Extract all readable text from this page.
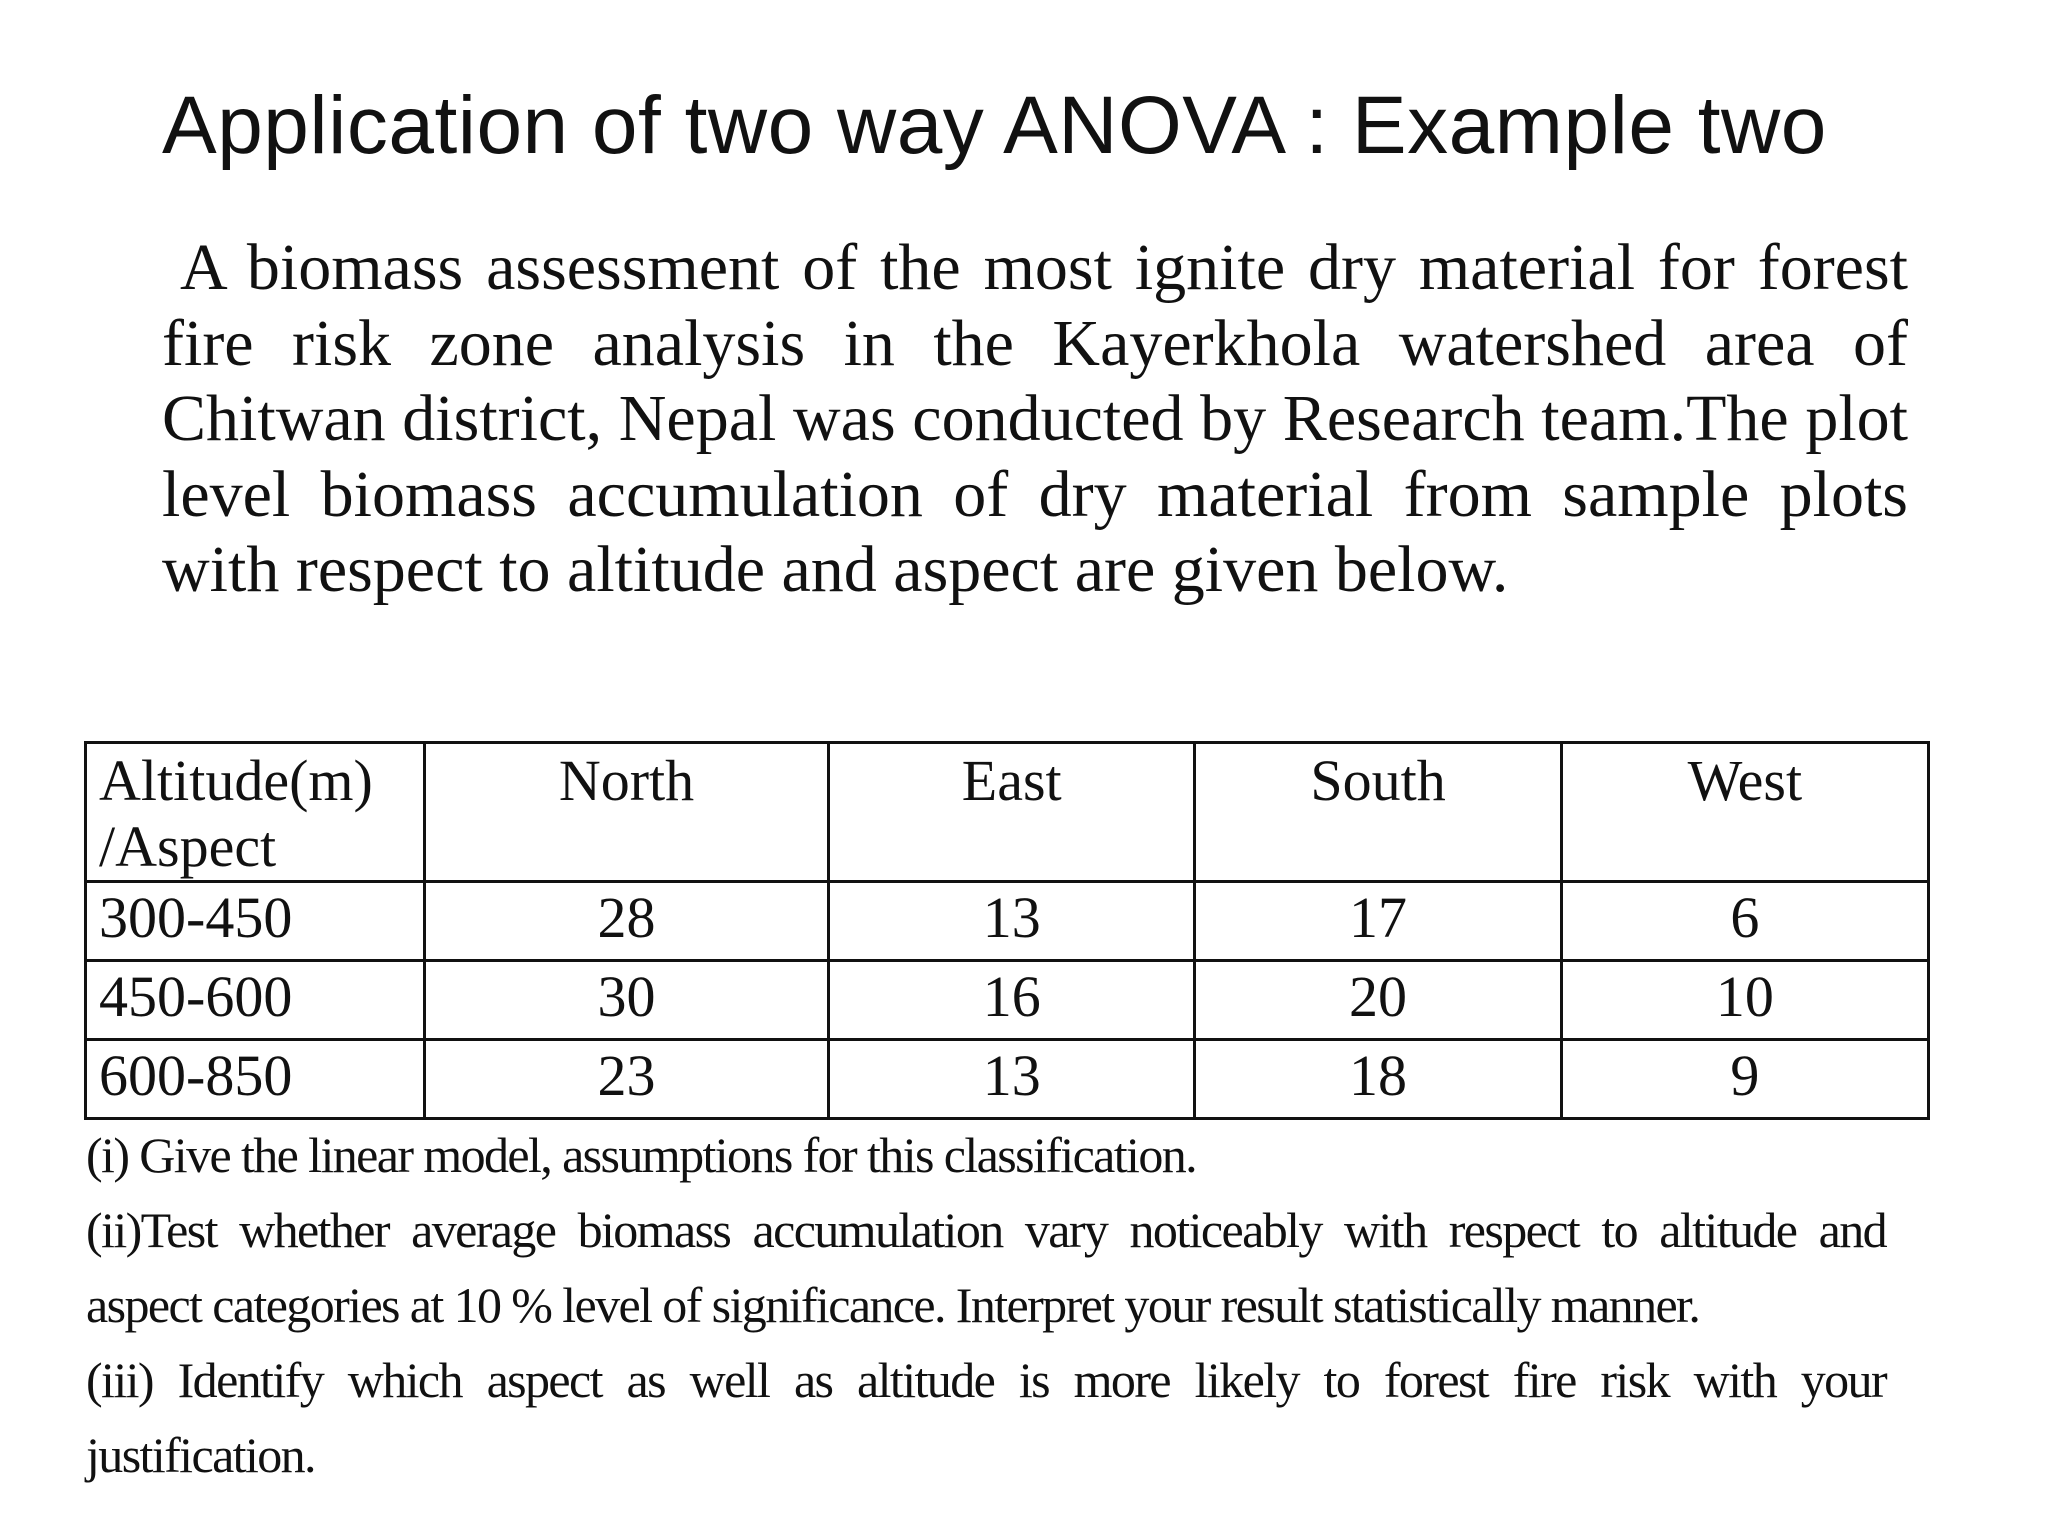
Application of two way ANOVA : Example two

A biomass assessment of the most ignite dry material for forest fire risk zone analysis in the Kayerkhola watershed area of Chitwan district, Nepal was conducted by Research team.The plot level biomass accumulation of dry material from sample plots with respect to altitude and aspect are given below.

Altitude(m) /Aspect	North	East	South	West
300-450	28	13	17	6
450-600	30	16	20	10
600-850	23	13	18	9

(i) Give the linear model, assumptions for this classification.

(ii)Test whether average biomass accumulation vary noticeably with respect to altitude and aspect categories at 10 % level of significance. Interpret your result statistically manner.

(iii) Identify which aspect as well as altitude is more likely to forest fire risk with your justification.
